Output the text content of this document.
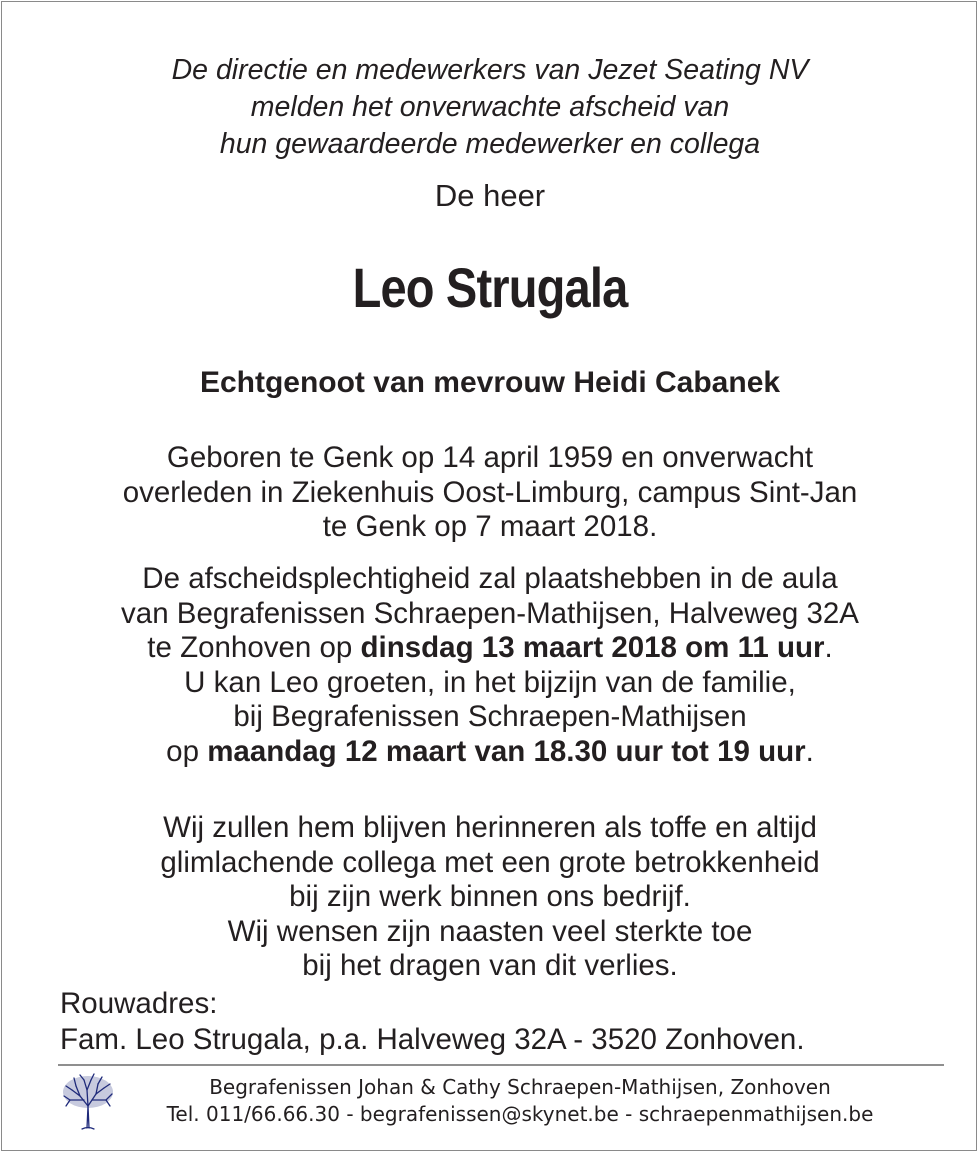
De directie en medewerkers van Jezet Seating NV
melden het onverwachte afscheid van
hun gewaardeerde medewerker en collega
De heer
Leo Strugala
Echtgenoot van mevrouw Heidi Cabanek
Geboren te Genk op 14 april 1959 en onverwacht
overleden in Ziekenhuis Oost-Limburg, campus Sint-Jan
te Genk op 7 maart 2018.
De afscheidsplechtigheid zal plaatshebben in de aula
van Begrafenissen Schraepen-Mathijsen, Halveweg 32A
te Zonhoven op dinsdag 13 maart 2018 om 11 uur.
U kan Leo groeten, in het bijzijn van de familie,
bij Begrafenissen Schraepen-Mathijsen
op maandag 12 maart van 18.30 uur tot 19 uur.
Wij zullen hem blijven herinneren als toffe en altijd
glimlachende collega met een grote betrokkenheid
bij zijn werk binnen ons bedrijf.
Wij wensen zijn naasten veel sterkte toe
bij het dragen van dit verlies.
Rouwadres:
Fam. Leo Strugala, p.a. Halveweg 32A - 3520 Zonhoven.
Begrafenissen Johan & Cathy Schraepen-Mathijsen, Zonhoven
Tel. 011/66.66.30 - begrafenissen@skynet.be - schraepenmathijsen.be
